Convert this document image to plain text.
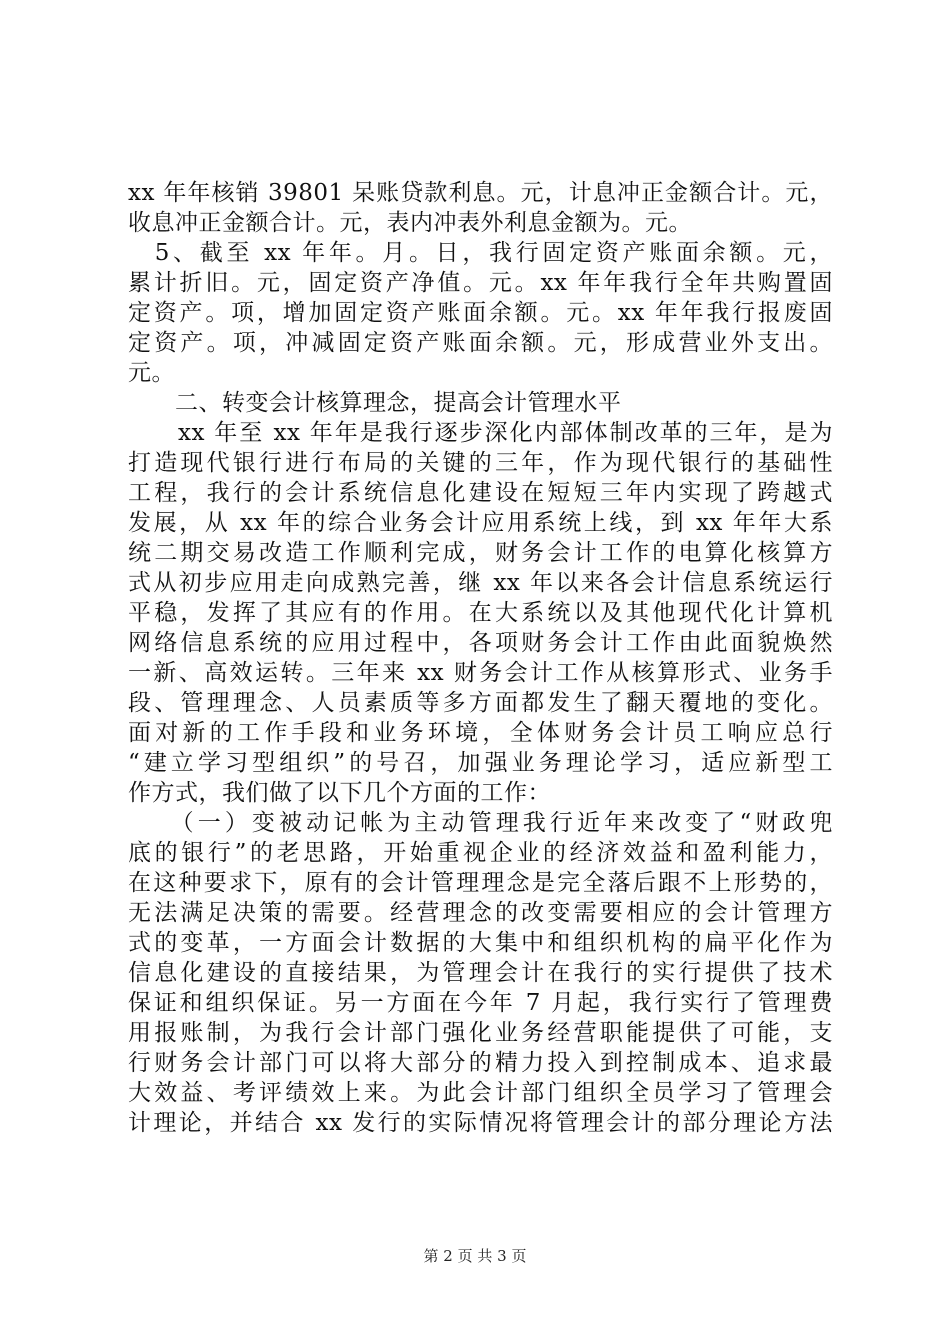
xx 年年核销 39801 呆账贷款利息。元，计息冲正金额合计。元，
收息冲正金额合计。元，表内冲表外利息金额为。元。
　5、截至 xx 年年。月。日，我行固定资产账面余额。元，
累计折旧。元，固定资产净值。元。xx 年年我行全年共购置固
定资产。项，增加固定资产账面余额。元。xx 年年我行报废固
定资产。项，冲减固定资产账面余额。元，形成营业外支出。
元。
　　二、转变会计核算理念，提高会计管理水平
　　xx 年至 xx 年年是我行逐步深化内部体制改革的三年，是为
打造现代银行进行布局的关键的三年，作为现代银行的基础性
工程，我行的会计系统信息化建设在短短三年内实现了跨越式
发展，从 xx 年的综合业务会计应用系统上线，到 xx 年年大系
统二期交易改造工作顺利完成，财务会计工作的电算化核算方
式从初步应用走向成熟完善，继 xx 年以来各会计信息系统运行
平稳，发挥了其应有的作用。在大系统以及其他现代化计算机
网络信息系统的应用过程中，各项财务会计工作由此面貌焕然
一新、高效运转。三年来 xx 财务会计工作从核算形式、业务手
段、管理理念、人员素质等多方面都发生了翻天覆地的变化。
面对新的工作手段和业务环境，全体财务会计员工响应总行
“建立学习型组织”的号召，加强业务理论学习，适应新型工
作方式，我们做了以下几个方面的工作：
　　（一）变被动记帐为主动管理我行近年来改变了“财政兜
底的银行”的老思路，开始重视企业的经济效益和盈利能力，
在这种要求下，原有的会计管理理念是完全落后跟不上形势的，
无法满足决策的需要。经营理念的改变需要相应的会计管理方
式的变革，一方面会计数据的大集中和组织机构的扁平化作为
信息化建设的直接结果，为管理会计在我行的实行提供了技术
保证和组织保证。另一方面在今年 7 月起，我行实行了管理费
用报账制，为我行会计部门强化业务经营职能提供了可能，支
行财务会计部门可以将大部分的精力投入到控制成本、追求最
大效益、考评绩效上来。为此会计部门组织全员学习了管理会
计理论，并结合 xx 发行的实际情况将管理会计的部分理论方法
第 2 页 共 3 页
